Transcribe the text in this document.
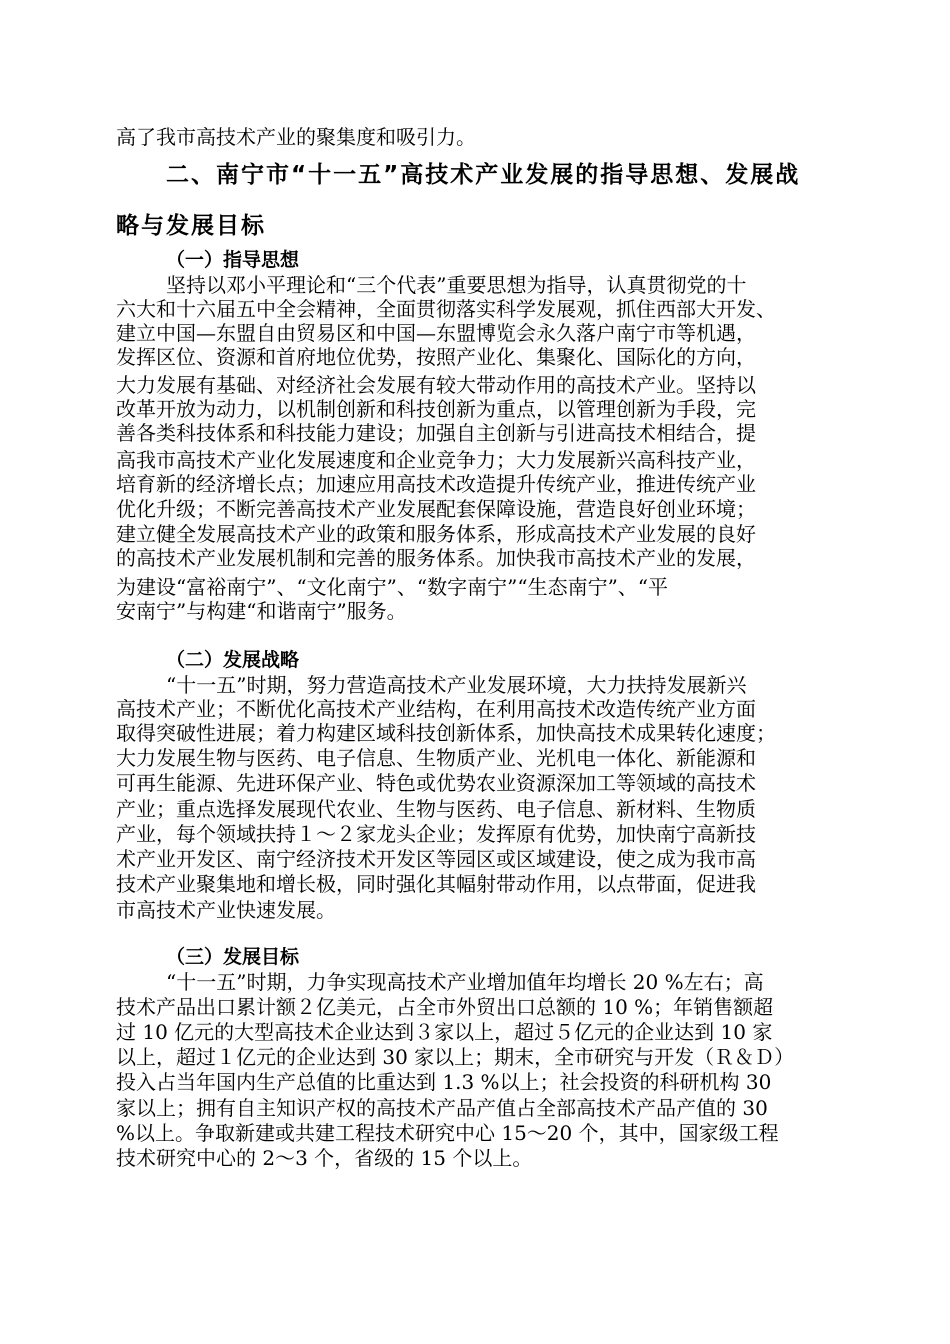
高了我市高技术产业的聚集度和吸引力。
二、南宁市“十一五”高技术产业发展的指导思想、发展战
略与发展目标
（一）指导思想
坚持以邓小平理论和“三个代表”重要思想为指导，认真贯彻党的十
六大和十六届五中全会精神，全面贯彻落实科学发展观，抓住西部大开发、
建立中国—东盟自由贸易区和中国—东盟博览会永久落户南宁市等机遇，
发挥区位、资源和首府地位优势，按照产业化、集聚化、国际化的方向，
大力发展有基础、对经济社会发展有较大带动作用的高技术产业。坚持以
改革开放为动力，以机制创新和科技创新为重点，以管理创新为手段，完
善各类科技体系和科技能力建设；加强自主创新与引进高技术相结合，提
高我市高技术产业化发展速度和企业竞争力；大力发展新兴高科技产业，
培育新的经济增长点；加速应用高技术改造提升传统产业，推进传统产业
优化升级；不断完善高技术产业发展配套保障设施，营造良好创业环境；
建立健全发展高技术产业的政策和服务体系，形成高技术产业发展的良好
的高技术产业发展机制和完善的服务体系。加快我市高技术产业的发展，
为建设“富裕南宁”、“文化南宁”、“数字南宁”“生态南宁”、“平
安南宁”与构建“和谐南宁”服务。
（二）发展战略
“十一五”时期，努力营造高技术产业发展环境，大力扶持发展新兴
高技术产业；不断优化高技术产业结构，在利用高技术改造传统产业方面
取得突破性进展；着力构建区域科技创新体系，加快高技术成果转化速度；
大力发展生物与医药、电子信息、生物质产业、光机电一体化、新能源和
可再生能源、先进环保产业、特色或优势农业资源深加工等领域的高技术
产业；重点选择发展现代农业、生物与医药、电子信息、新材料、生物质
产业，每个领域扶持１～２家龙头企业；发挥原有优势，加快南宁高新技
术产业开发区、南宁经济技术开发区等园区或区域建设，使之成为我市高
技术产业聚集地和增长极，同时强化其幅射带动作用，以点带面，促进我
市高技术产业快速发展。
（三）发展目标
“十一五”时期，力争实现高技术产业增加值年均增长 20 %左右；高
技术产品出口累计额２亿美元，占全市外贸出口总额的 10 %；年销售额超
过 10 亿元的大型高技术企业达到３家以上，超过５亿元的企业达到 10 家
以上，超过１亿元的企业达到 30 家以上；期末，全市研究与开发（Ｒ＆Ｄ）
投入占当年国内生产总值的比重达到 1.3 %以上；社会投资的科研机构 30
家以上；拥有自主知识产权的高技术产品产值占全部高技术产品产值的 30
%以上。争取新建或共建工程技术研究中心 15～20 个，其中，国家级工程
技术研究中心的 2～3 个，省级的 15 个以上。
